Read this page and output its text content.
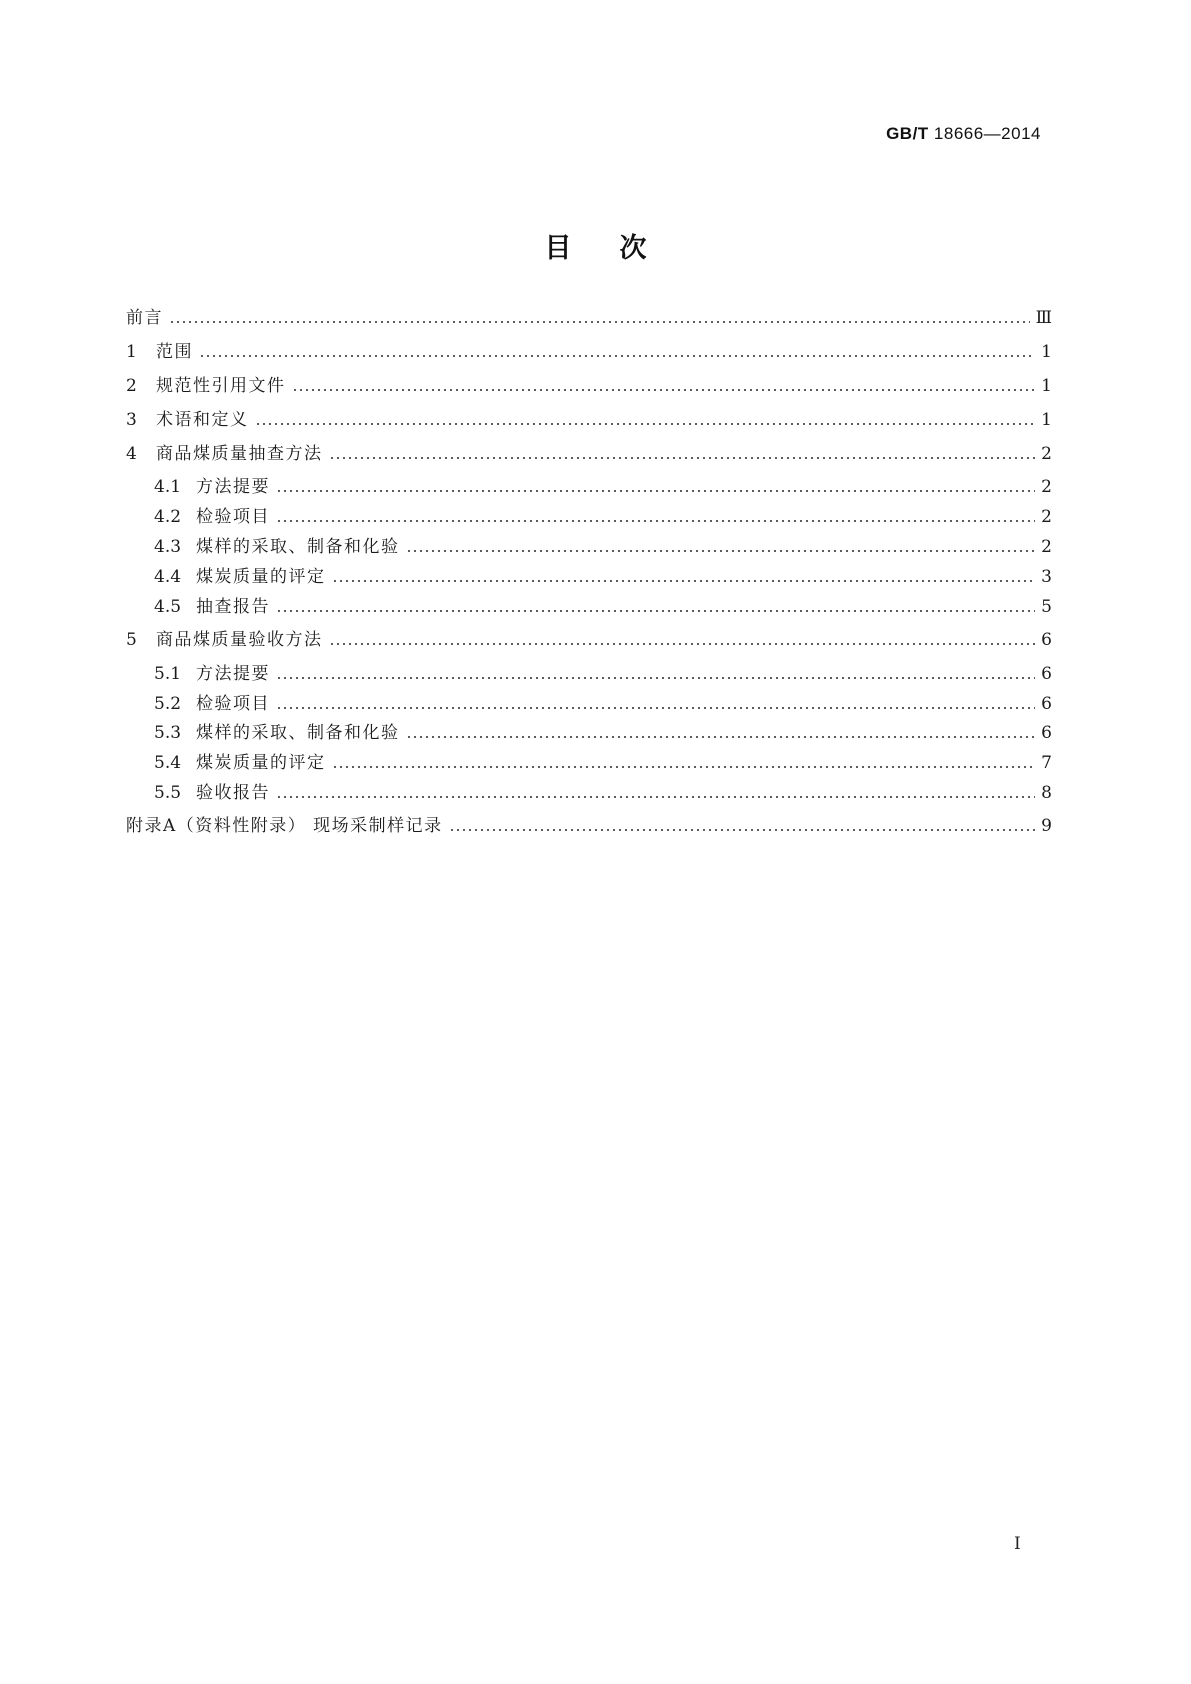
GB/T 18666—2014
目次
前言	Ⅲ
1	范围	1
2	规范性引用文件	1
3	术语和定义	1
4	商品煤质量抽查方法	2
4.1 方法提要	2
4.2 检验项目	2
4.3 煤样的采取、制备和化验	2
4.4 煤炭质量的评定	3
4.5 抽查报告	5
5	商品煤质量验收方法	6
5.1 方法提要	6
5.2 检验项目	6
5.3 煤样的采取、制备和化验	6
5.4 煤炭质量的评定	7
5.5 验收报告	8
附录A（资料性附录） 现场采制样记录	9
I
